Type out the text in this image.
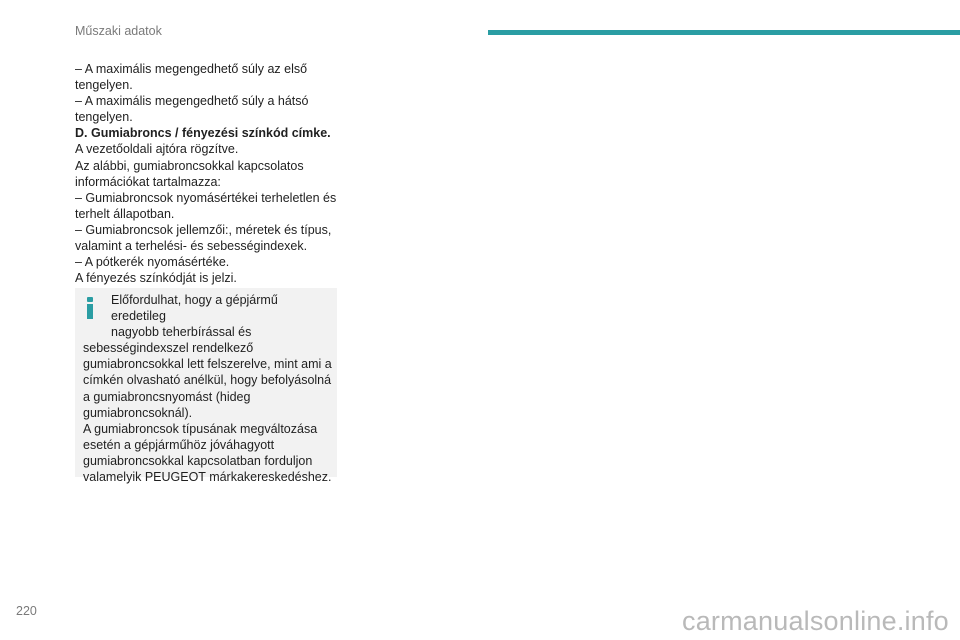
Műszaki adatok

– A maximális megengedhető súly az első

tengelyen.

– A maximális megengedhető súly a hátsó

tengelyen.

D. Gumiabroncs / fényezési színkód címke.

A vezetőoldali ajtóra rögzítve.

Az alábbi, gumiabroncsokkal kapcsolatos

információkat tartalmazza:

– Gumiabroncsok nyomásértékei terheletlen és

terhelt állapotban.

– Gumiabroncsok jellemzői:, méretek és típus,

valamint a terhelési- és sebességindexek.

– A pótkerék nyomásértéke.

A fényezés színkódját is jelzi.

Előfordulhat, hogy a gépjármű eredetileg

nagyobb teherbírással és

sebességindexszel rendelkező

gumiabroncsokkal lett felszerelve, mint ami a

címkén olvasható anélkül, hogy befolyásolná

a gumiabroncsnyomást (hideg

gumiabroncsoknál).

A gumiabroncsok típusának megváltozása

esetén a gépjárműhöz jóváhagyott

gumiabroncsokkal kapcsolatban forduljon

valamelyik PEUGEOT márkakereskedéshez.

220	carmanualsonline.info
